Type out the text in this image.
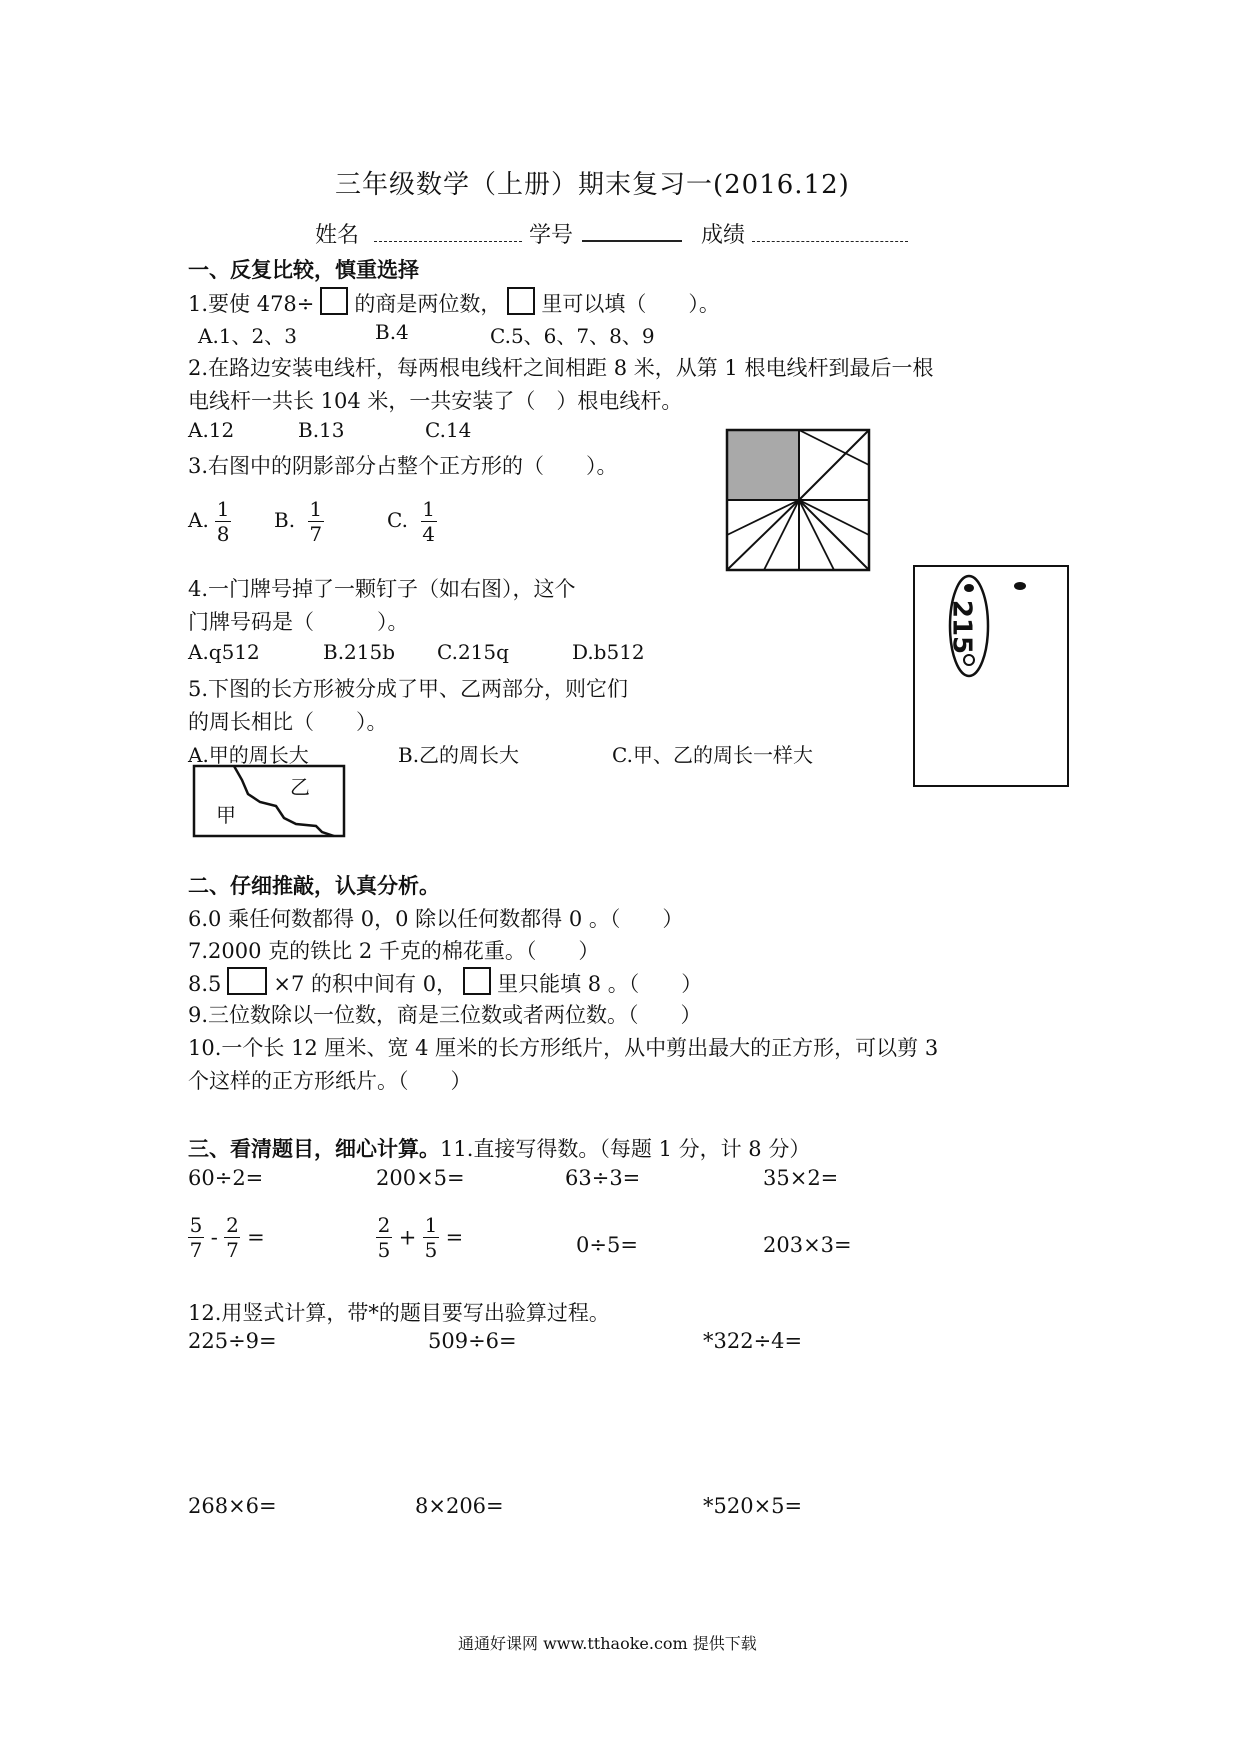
三年级数学（上册）期末复习一(2016.12)
姓名	学号	成绩
一、反复比较，慎重选择
1.要使 478÷ 的商是两位数， 里可以填（　　）。
A.1、2、3	B.4	C.5、6、7、8、9
2.在路边安装电线杆，每两根电线杆之间相距 8 米，从第 1 根电线杆到最后一根
电线杆一共长 104 米，一共安装了（　）根电线杆。
A.12	B.13	C.14
3.右图中的阴影部分占整个正方形的（　　）。
A. $\frac{1}{8} B$. $\frac{1}{7}$	C. $\frac{1}{4}$
4.一门牌号掉了一颗钉子（如右图），这个
门牌号码是（　　　）。
A.q512	B.215b C.215q	D.b512	215
5.下图的长方形被分成了甲、乙两部分，则它们
的周长相比（　　）。
A.甲的周长大	B.乙的周长大	C.甲、乙的周长一样大
乙
甲
二、仔细推敲，认真分析。
6.0 乘任何数都得 0，0 除以任何数都得 0 。（　　）
7.2000 克的铁比 2 千克的棉花重。（　　）
8.5 ×7 的积中间有 0， 里只能填 8 。（　　）
9.三位数除以一位数，商是三位数或者两位数。（　　）
10.一个长 12 厘米、宽 4 厘米的长方形纸片，从中剪出最大的正方形，可以剪 3
个这样的正方形纸片。（　　）
三、看清题目，细心计算。11.直接写得数。（每题 1 分，计 8 分）
60÷2=	200×5=	63÷3=	35×2=
$\frac{5}{7} - \frac{2}{7}$ =	$\frac{2}{5} + \frac{1}{5}$ =	0÷5=	203×3=
12.用竖式计算，带*的题目要写出验算过程。
225÷9=	509÷6=	*322÷4=
268×6=	8×206=	*520×5=
通通好课网 www.tthaoke.com 提供下载
